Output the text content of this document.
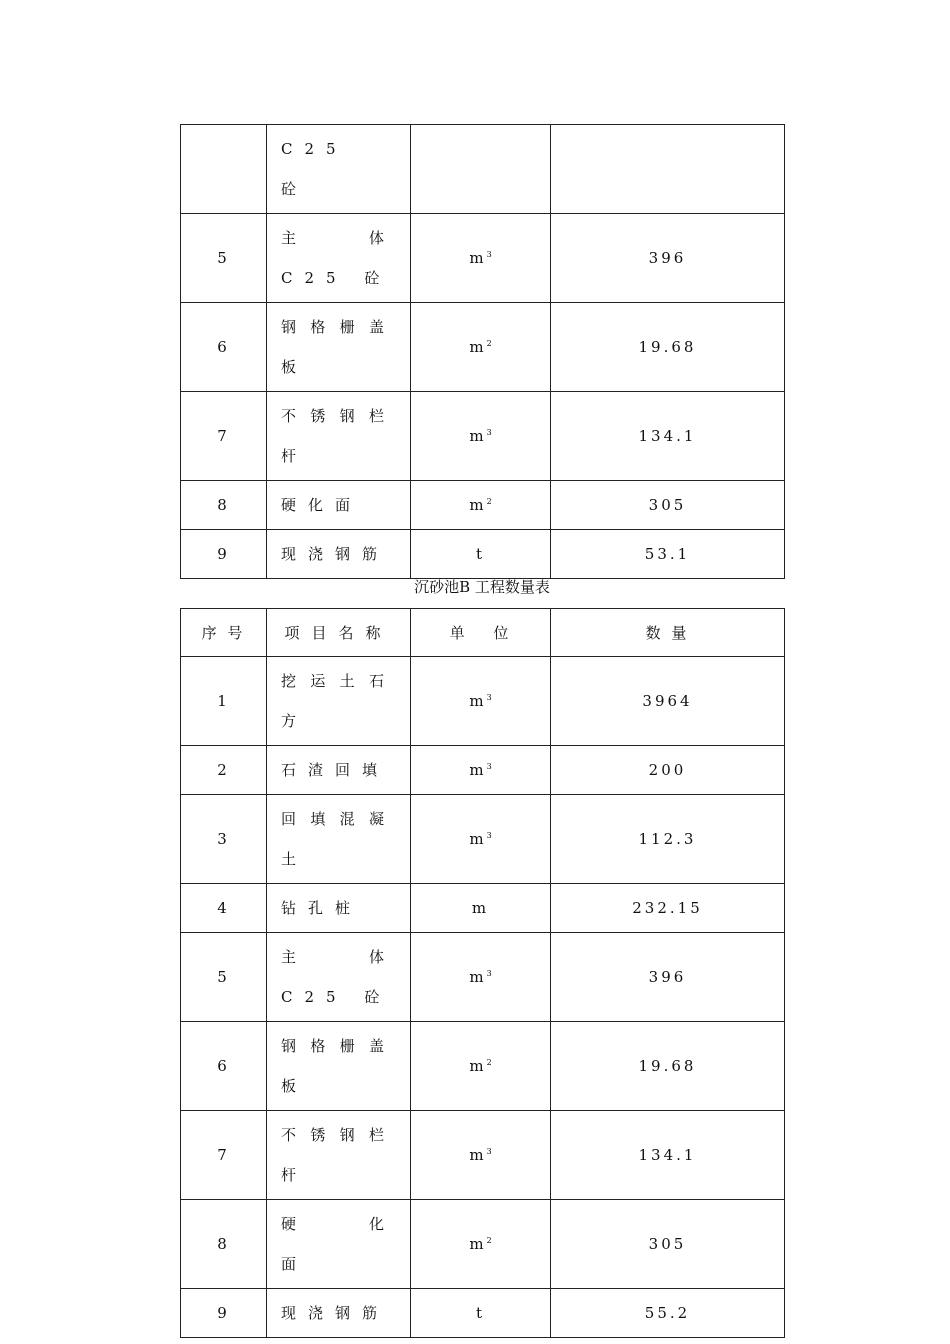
	C25　砼		
5	主体　C25 砼	$m^3$	396
6	钢格栅盖板	$m^2$	19.68
7	不锈钢栏杆	$m^3$	134.1
8	硬化面	$m^2$	305
9	现浇钢筋	t	53.1
沉砂池B 工程数量表
序 号	项目名称	单　 位	数 量
1	挖运土石方	$m^3$	3964
2	石渣回填	$m^3$	200
3	回填混凝土	$m^3$	112.3
4	钻孔桩	m	232.15
5	主体　C25 砼	$m^3$	396
6	钢格栅盖板	$m^2$	19.68
7	不锈钢栏杆	$m^3$	134.1
8	硬　化　面	$m^2$	305
9	现浇钢筋	t	55.2
